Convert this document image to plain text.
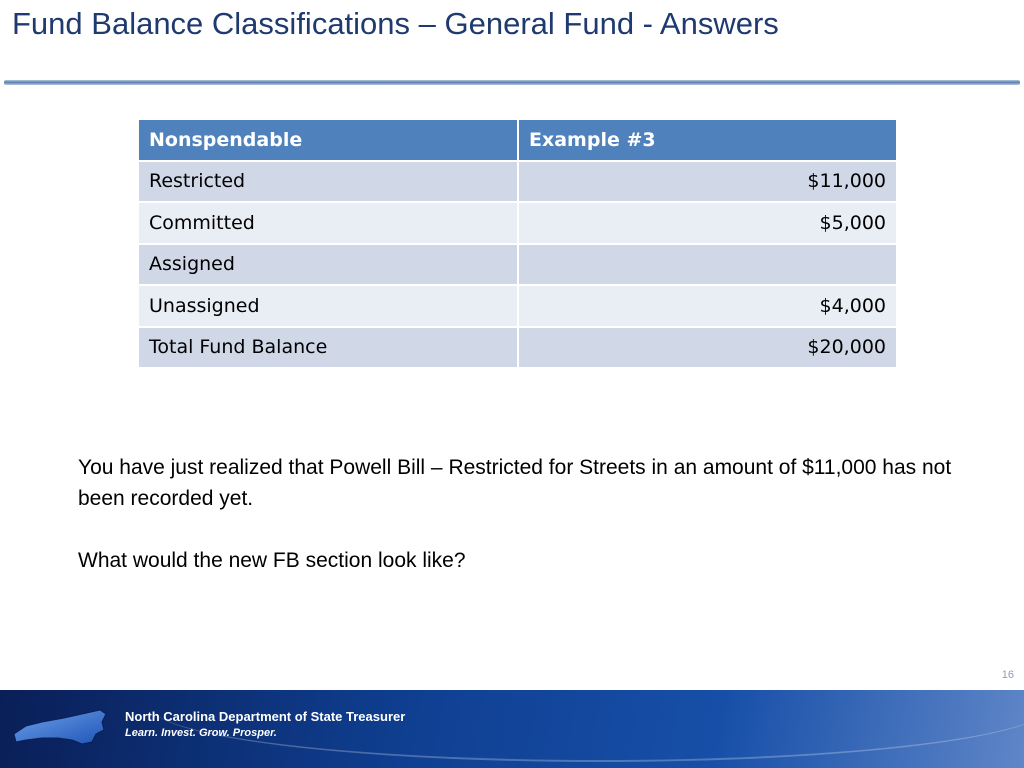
Fund Balance Classifications – General Fund - Answers
Nonspendable	Example #3
Restricted	$11,000
Committed	$5,000
Assigned	
Unassigned	$4,000
Total Fund Balance	$20,000

You have just realized that Powell Bill – Restricted for Streets in an amount of $11,000 has not been recorded yet.

What would the new FB section look like?

16
North Carolina Department of State Treasurer
Learn. Invest. Grow. Prosper.
